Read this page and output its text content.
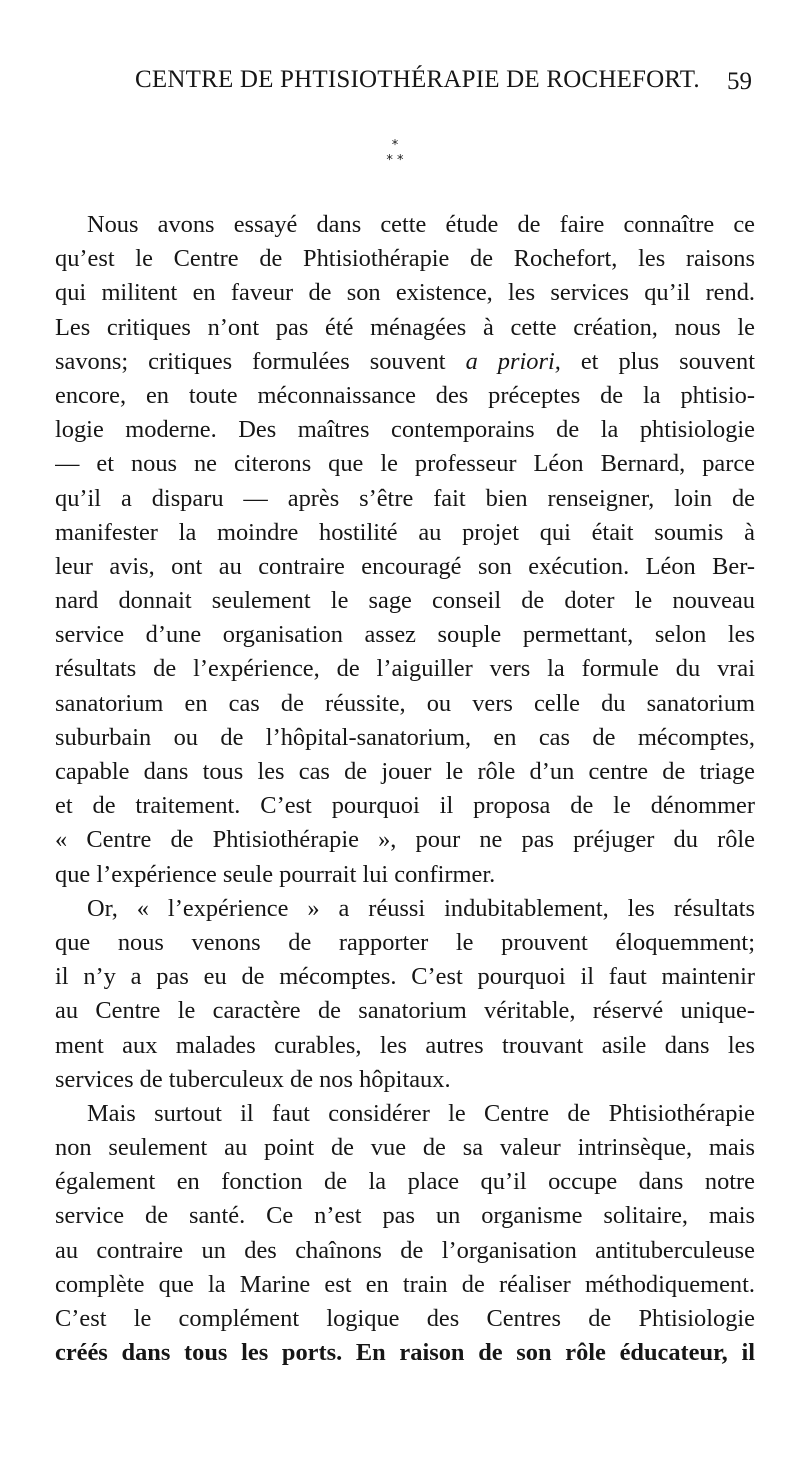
CENTRE DE PHTISIOTHÉRAPIE DE ROCHEFORT. 59
*
* *
Nous avons essayé dans cette étude de faire connaître ce
qu’est le Centre de Phtisiothérapie de Rochefort, les raisons
qui militent en faveur de son existence, les services qu’il rend.
Les critiques n’ont pas été ménagées à cette création, nous le
savons; critiques formulées souvent a priori, et plus souvent
encore, en toute méconnaissance des préceptes de la phtisio-
logie moderne. Des maîtres contemporains de la phtisiologie
— et nous ne citerons que le professeur Léon Bernard, parce
qu’il a disparu — après s’être fait bien renseigner, loin de
manifester la moindre hostilité au projet qui était soumis à
leur avis, ont au contraire encouragé son exécution. Léon Ber-
nard donnait seulement le sage conseil de doter le nouveau
service d’une organisation assez souple permettant, selon les
résultats de l’expérience, de l’aiguiller vers la formule du vrai
sanatorium en cas de réussite, ou vers celle du sanatorium
suburbain ou de l’hôpital-sanatorium, en cas de mécomptes,
capable dans tous les cas de jouer le rôle d’un centre de triage
et de traitement. C’est pourquoi il proposa de le dénommer
« Centre de Phtisiothérapie », pour ne pas préjuger du rôle
que l’expérience seule pourrait lui confirmer.
Or, « l’expérience » a réussi indubitablement, les résultats
que nous venons de rapporter le prouvent éloquemment;
il n’y a pas eu de mécomptes. C’est pourquoi il faut maintenir
au Centre le caractère de sanatorium véritable, réservé unique-
ment aux malades curables, les autres trouvant asile dans les
services de tuberculeux de nos hôpitaux.
Mais surtout il faut considérer le Centre de Phtisiothérapie
non seulement au point de vue de sa valeur intrinsèque, mais
également en fonction de la place qu’il occupe dans notre
service de santé. Ce n’est pas un organisme solitaire, mais
au contraire un des chaînons de l’organisation antituberculeuse
complète que la Marine est en train de réaliser méthodiquement.
C’est le complément logique des Centres de Phtisiologie
créés dans tous les ports. En raison de son rôle éducateur, il
